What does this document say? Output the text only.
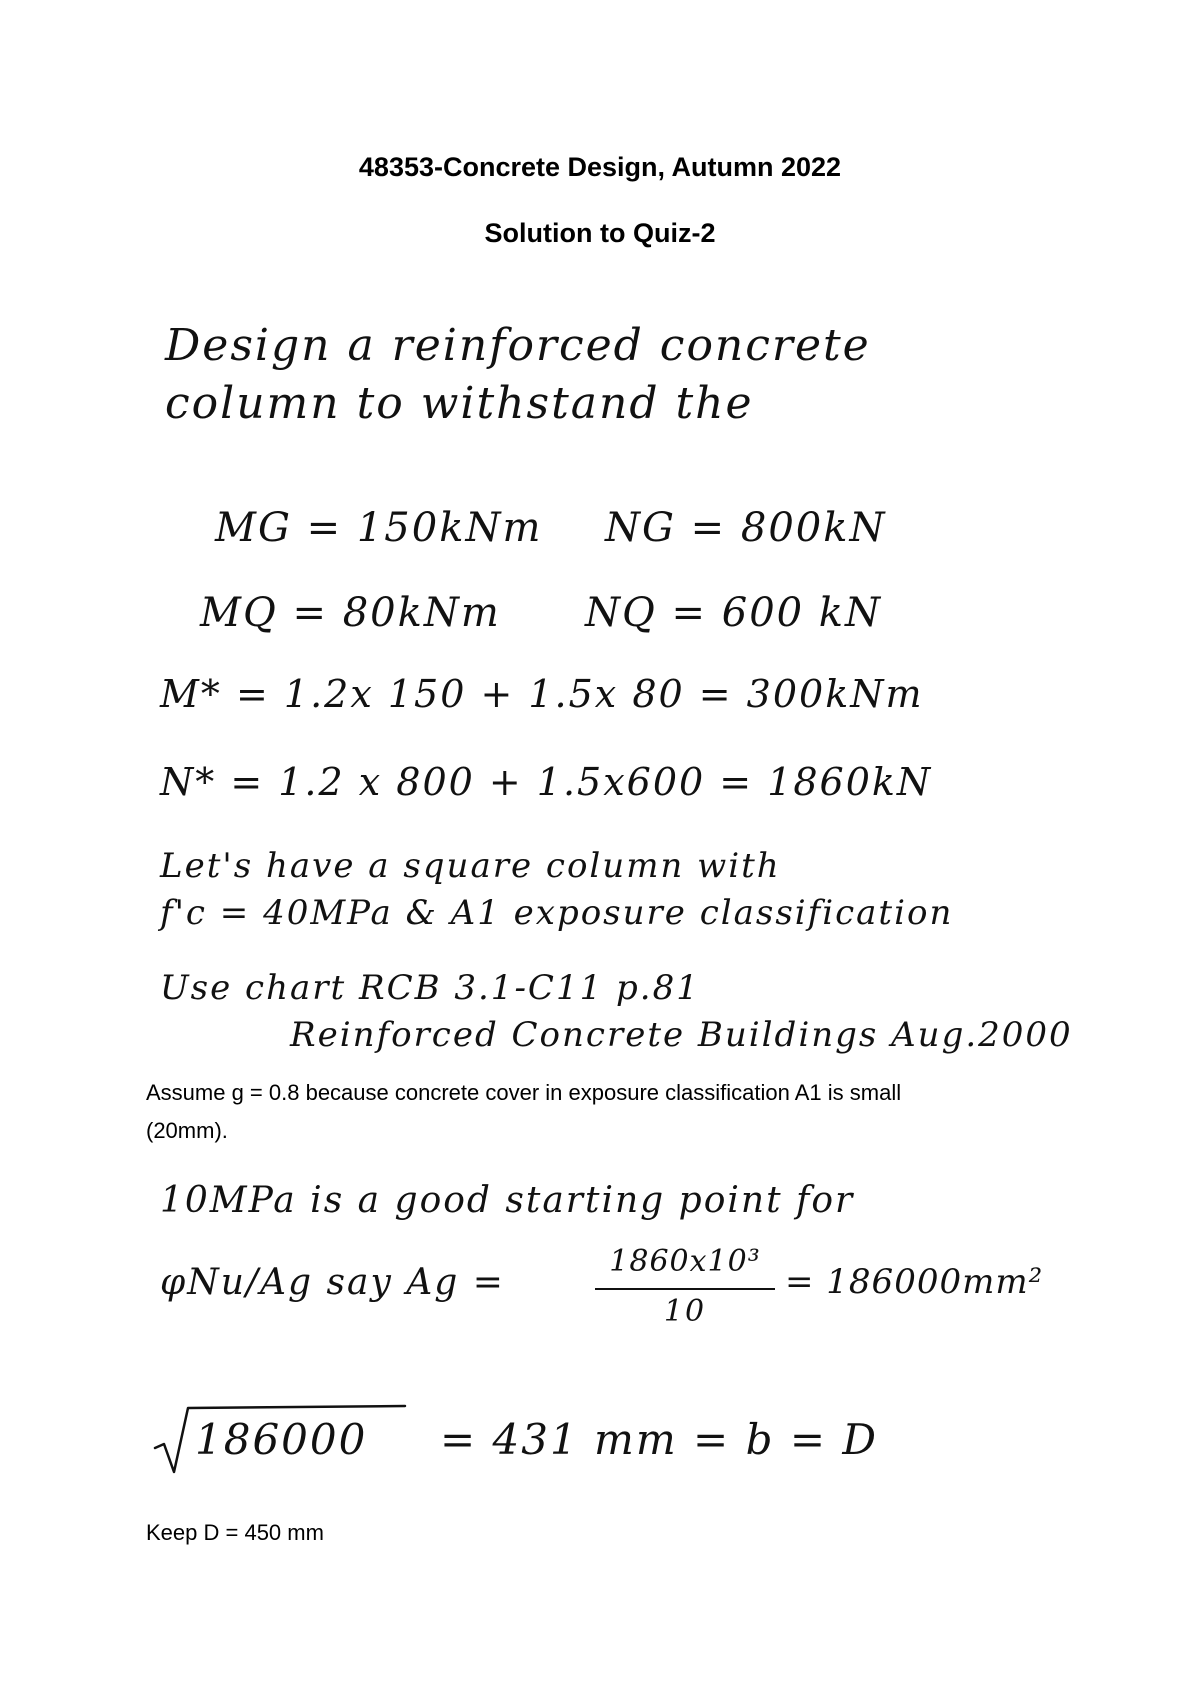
48353-Concrete Design, Autumn 2022
Solution to Quiz-2
Design a reinforced concrete
column to withstand the
MG = 150kNm NG = 800kN
MQ = 80kNm NQ = 600 kN
M* = 1.2x 150 + 1.5x 80 = 300kNm
N* = 1.2 x 800 + 1.5x600 = 1860kN
Let's have a square column with
f'c = 40MPa & A1 exposure classification
Use chart RCB 3.1-C11 p.81
Reinforced Concrete Buildings Aug.2000
Assume g = 0.8 because concrete cover in exposure classification A1 is small
(20mm).
10MPa is a good starting point for
φNu/Ag say Ag =
1860x10³
10
= 186000mm²
186000 = 431 mm = b = D
Keep D = 450 mm
